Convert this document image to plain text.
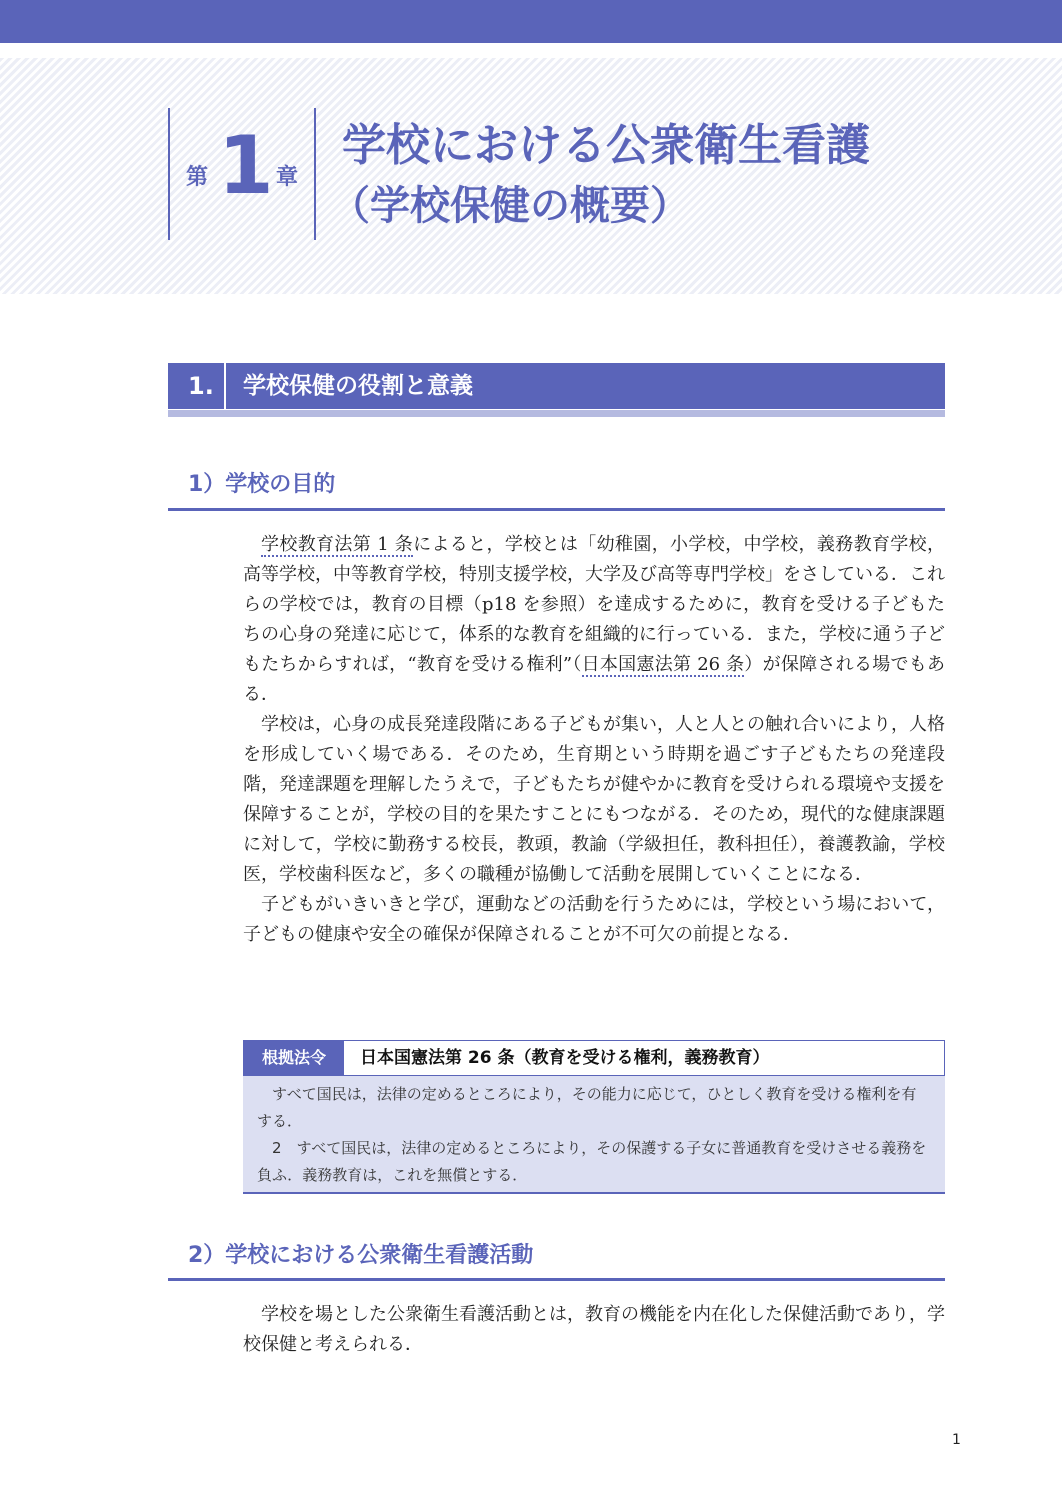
第 1 章
学校における公衆衛生看護
（学校保健の概要）
1. 学校保健の役割と意義
1）学校の目的

学校教育法第 1 条によると，学校とは「幼稚園，小学校，中学校，義務教育学校，高等学校，中等教育学校，特別支援学校，大学及び高等専門学校」をさしている．これらの学校では，教育の目標（p18 を参照）を達成するために，教育を受ける子どもたちの心身の発達に応じて，体系的な教育を組織的に行っている．また，学校に通う子どもたちからすれば，“教育を受ける権利”（日本国憲法第 26 条）が保障される場でもある．

学校は，心身の成長発達段階にある子どもが集い，人と人との触れ合いにより，人格を形成していく場である．そのため，生育期という時期を過ごす子どもたちの発達段階，発達課題を理解したうえで，子どもたちが健やかに教育を受けられる環境や支援を保障することが，学校の目的を果たすことにもつながる．そのため，現代的な健康課題に対して，学校に勤務する校長，教頭，教諭（学級担任，教科担任），養護教諭，学校医，学校歯科医など，多くの職種が協働して活動を展開していくことになる．

子どもがいきいきと学び，運動などの活動を行うためには，学校という場において，子どもの健康や安全の確保が保障されることが不可欠の前提となる．

根拠法令	日本国憲法第 26 条（教育を受ける権利，義務教育）

すべて国民は，法律の定めるところにより，その能力に応じて，ひとしく教育を受ける権利を有する．

2　すべて国民は，法律の定めるところにより，その保護する子女に普通教育を受けさせる義務を負ふ．義務教育は，これを無償とする．

2）学校における公衆衛生看護活動

学校を場とした公衆衛生看護活動とは，教育の機能を内在化した保健活動であり，学校保健と考えられる．

1
